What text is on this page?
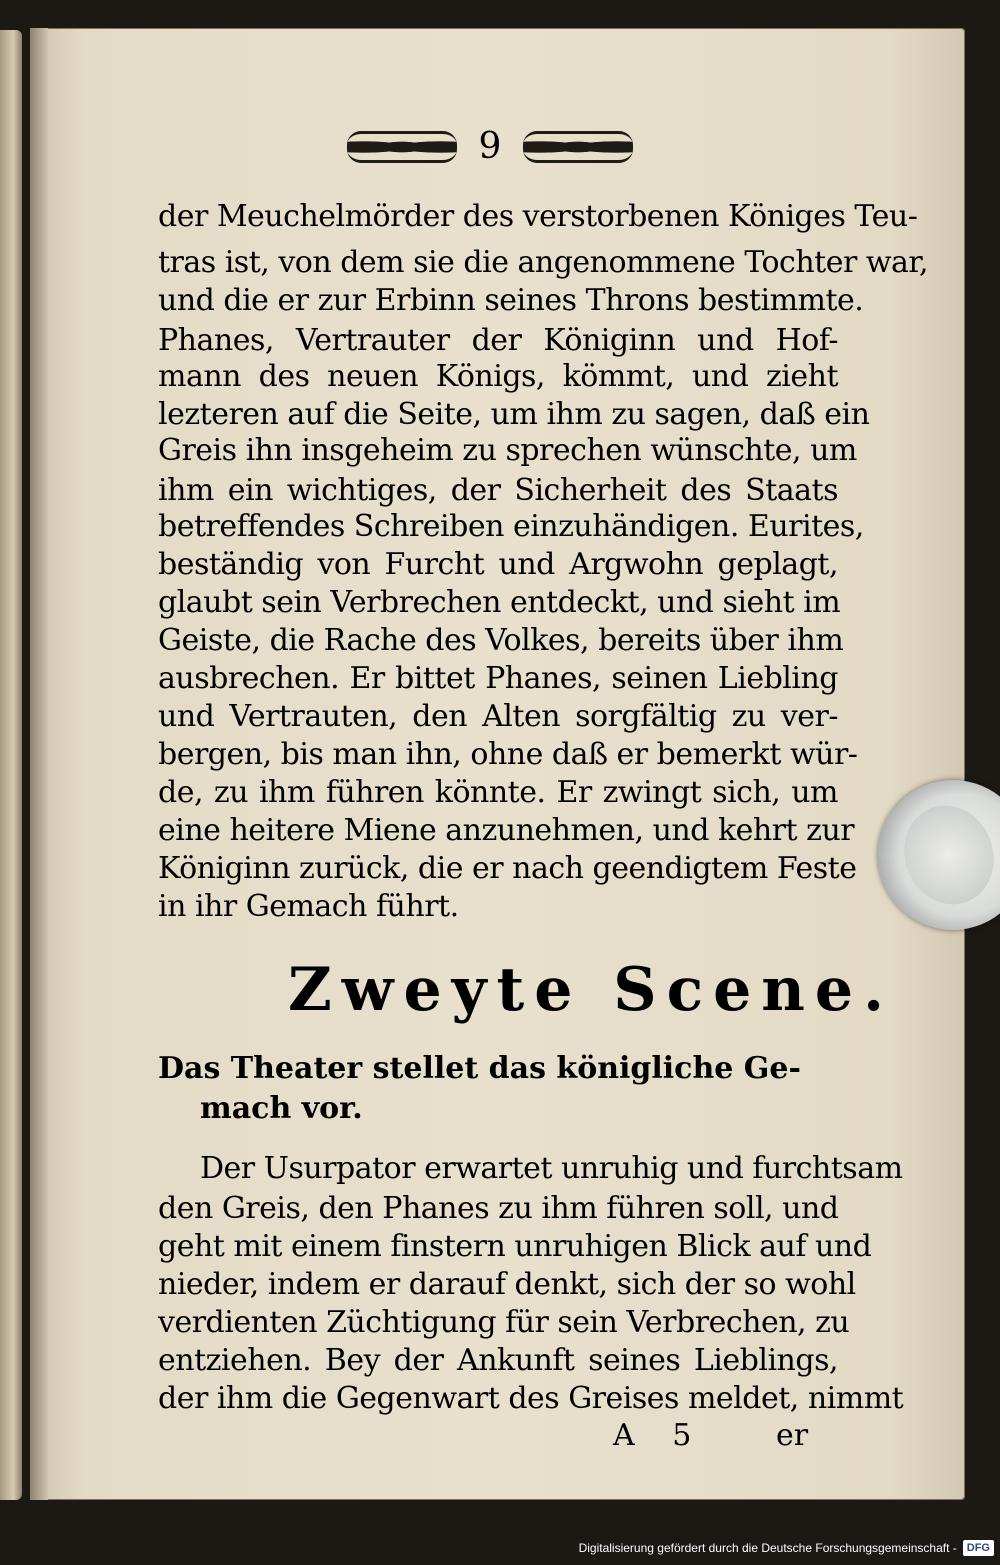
9
der Meuchelmörder des verstorbenen Königes Teu-
tras ist, von dem sie die angenommene Tochter war,
und die er zur Erbinn seines Throns bestimmte.
Phanes, Vertrauter der Königinn und Hof-
mann des neuen Königs, kömmt, und zieht
lezteren auf die Seite, um ihm zu sagen, daß ein
Greis ihn insgeheim zu sprechen wünschte, um
ihm ein wichtiges, der Sicherheit des Staats
betreffendes Schreiben einzuhändigen. Eurites,
beständig von Furcht und Argwohn geplagt,
glaubt sein Verbrechen entdeckt, und sieht im
Geiste, die Rache des Volkes, bereits über ihm
ausbrechen. Er bittet Phanes, seinen Liebling
und Vertrauten, den Alten sorgfältig zu ver-
bergen, bis man ihn, ohne daß er bemerkt wür-
de, zu ihm führen könnte. Er zwingt sich, um
eine heitere Miene anzunehmen, und kehrt zur
Königinn zurück, die er nach geendigtem Feste
in ihr Gemach führt.
Zweyte Scene.
Das Theater stellet das königliche Ge-
mach vor.
Der Usurpator erwartet unruhig und furchtsam
den Greis, den Phanes zu ihm führen soll, und
geht mit einem finstern unruhigen Blick auf und
nieder, indem er darauf denkt, sich der so wohl
verdienten Züchtigung für sein Verbrechen, zu
entziehen. Bey der Ankunft seines Lieblings,
der ihm die Gegenwart des Greises meldet, nimmt
A 5 er
Digitalisierung gefördert durch die Deutsche Forschungsgemeinschaft - DFG
